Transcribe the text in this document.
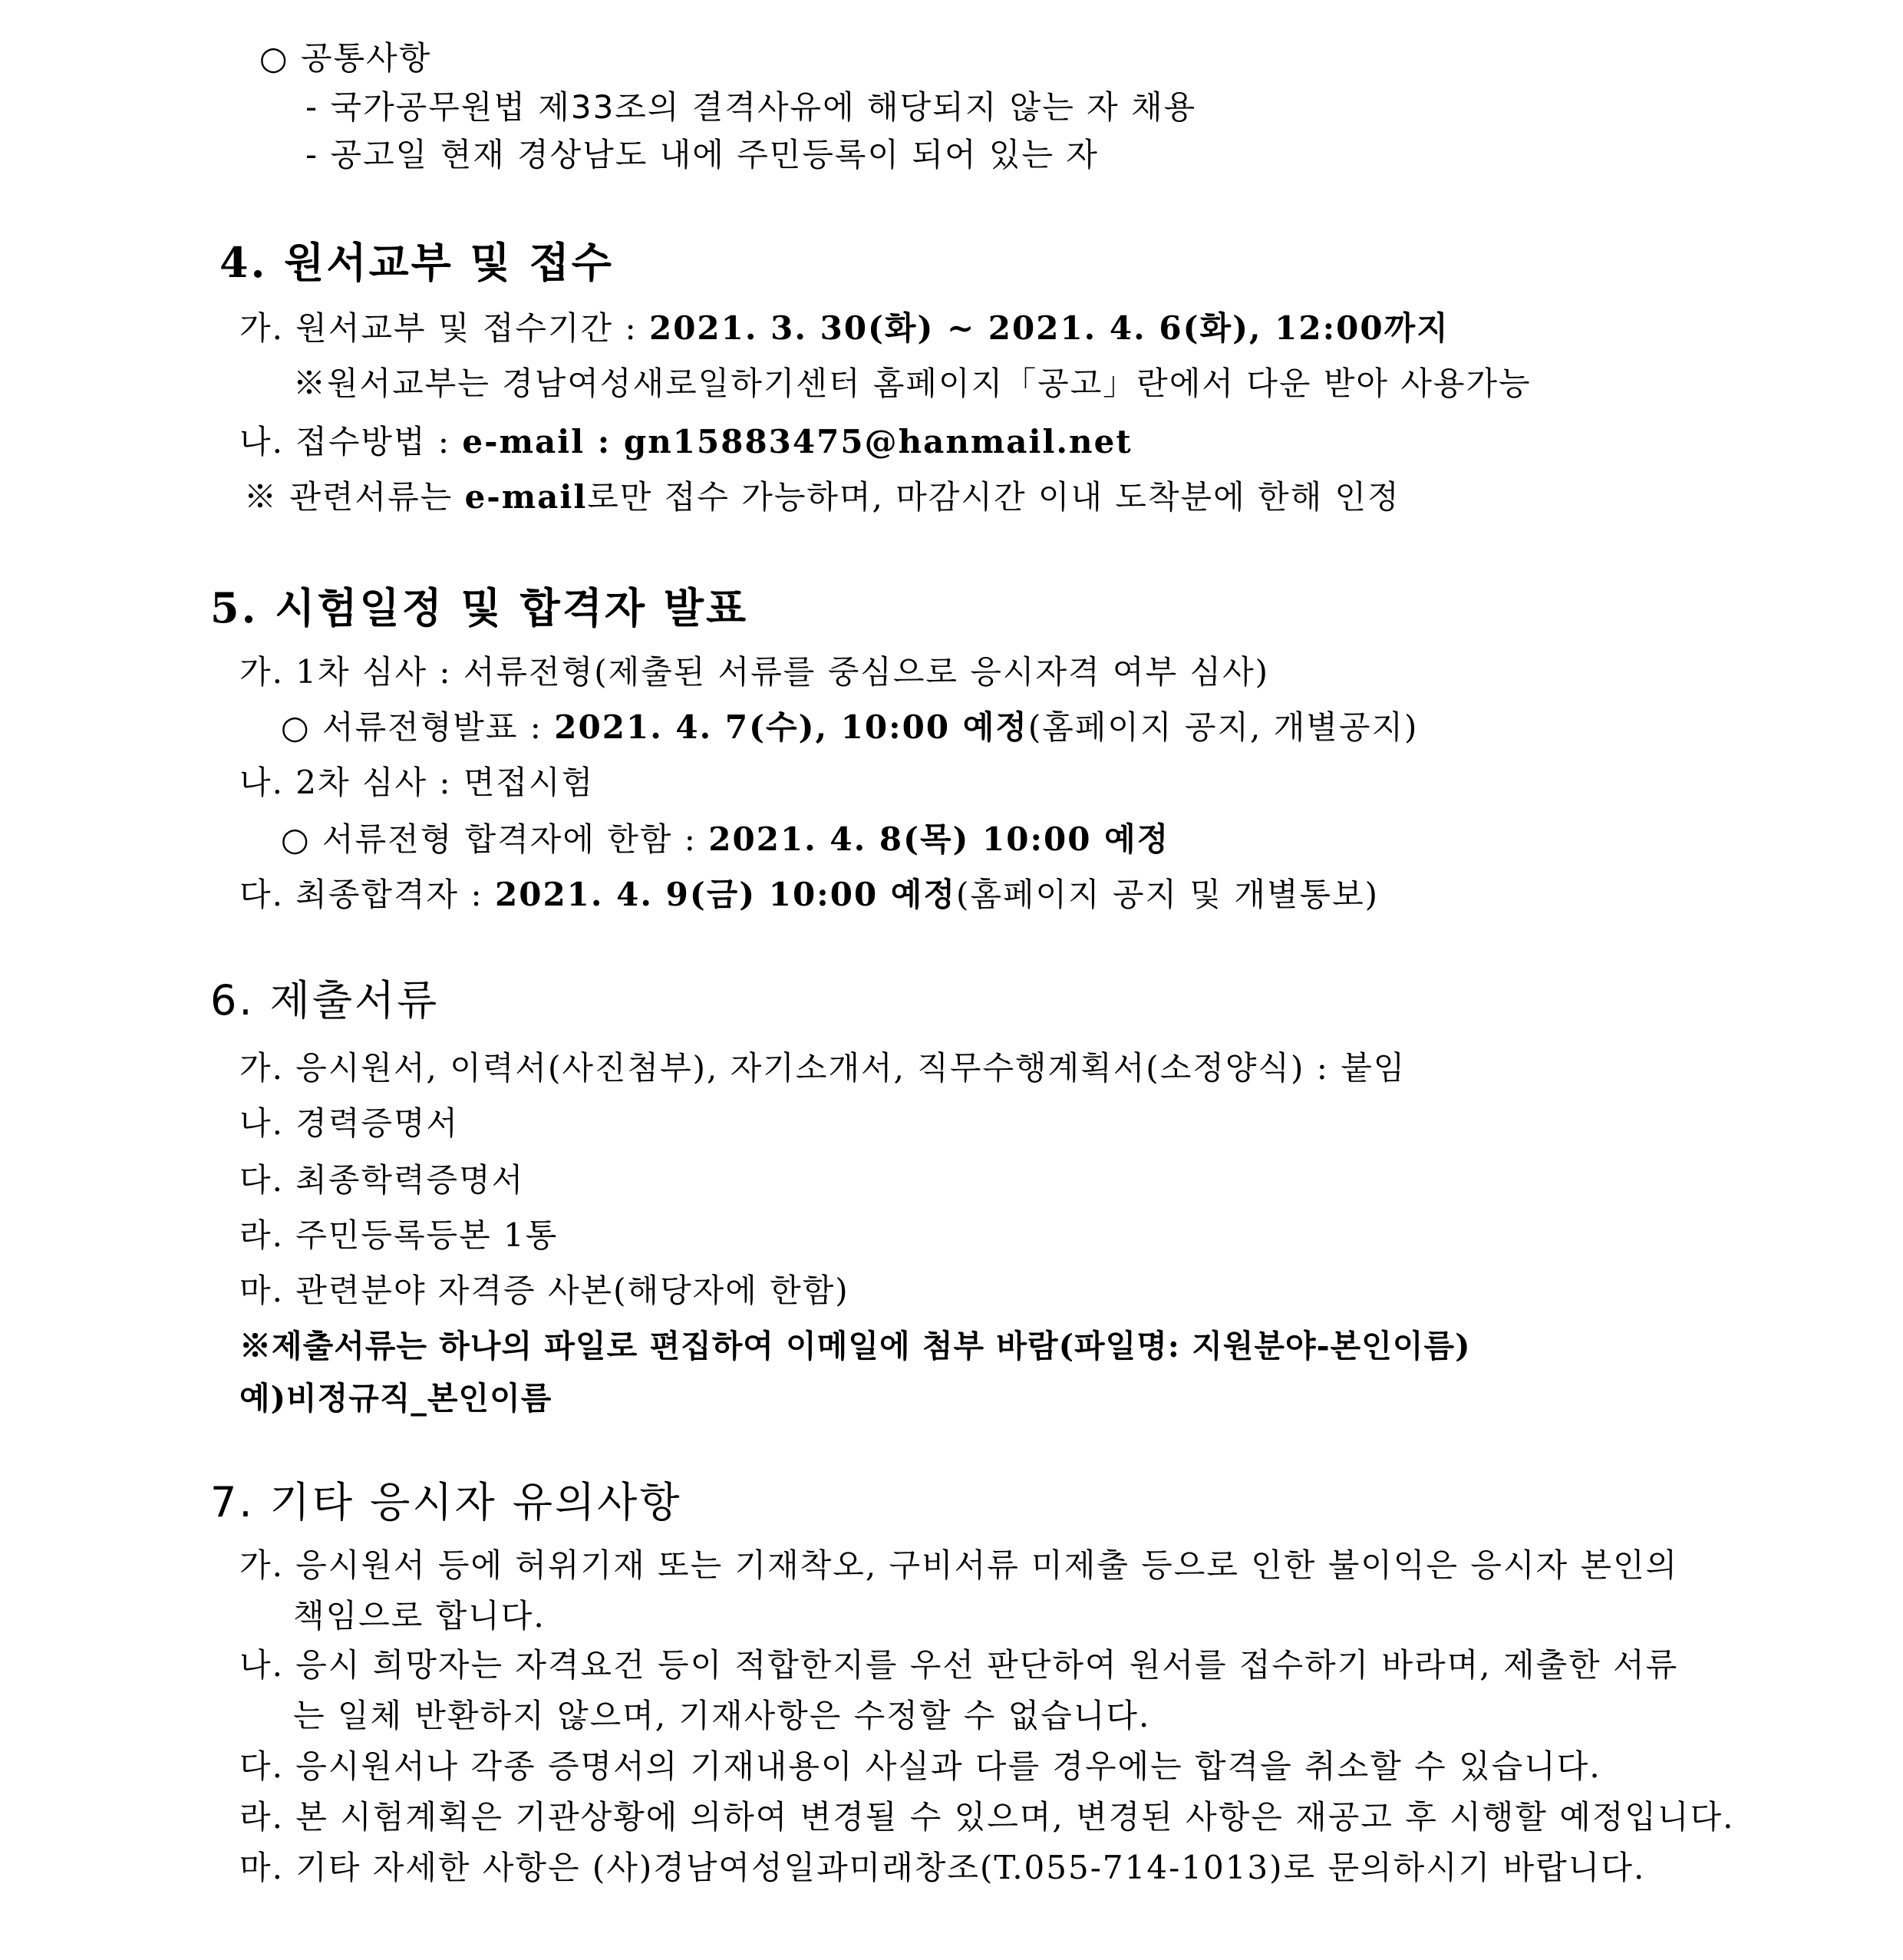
○ 공통사항
- 국가공무원법 제33조의 결격사유에 해당되지 않는 자 채용
- 공고일 현재 경상남도 내에 주민등록이 되어 있는 자
4. 원서교부 및 접수
가. 원서교부 및 접수기간 : 2021. 3. 30(화) ~ 2021. 4. 6(화), 12:00까지
※원서교부는 경남여성새로일하기센터 홈페이지「공고」란에서 다운 받아 사용가능
나. 접수방법 : e-mail : gn15883475@hanmail.net
※ 관련서류는 e-mail로만 접수 가능하며, 마감시간 이내 도착분에 한해 인정
5. 시험일정 및 합격자 발표
가. 1차 심사 : 서류전형(제출된 서류를 중심으로 응시자격 여부 심사)
○ 서류전형발표 : 2021. 4. 7(수), 10:00 예정(홈페이지 공지, 개별공지)
나. 2차 심사 : 면접시험
○ 서류전형 합격자에 한함 : 2021. 4. 8(목) 10:00 예정
다. 최종합격자 : 2021. 4. 9(금) 10:00 예정(홈페이지 공지 및 개별통보)
6. 제출서류
가. 응시원서, 이력서(사진첨부), 자기소개서, 직무수행계획서(소정양식) : 붙임
나. 경력증명서
다. 최종학력증명서
라. 주민등록등본 1통
마. 관련분야 자격증 사본(해당자에 한함)
※제출서류는 하나의 파일로 편집하여 이메일에 첨부 바람(파일명: 지원분야-본인이름)
예)비정규직_본인이름
7. 기타 응시자 유의사항
가. 응시원서 등에 허위기재 또는 기재착오, 구비서류 미제출 등으로 인한 불이익은 응시자 본인의
책임으로 합니다.
나. 응시 희망자는 자격요건 등이 적합한지를 우선 판단하여 원서를 접수하기 바라며, 제출한 서류
는 일체 반환하지 않으며, 기재사항은 수정할 수 없습니다.
다. 응시원서나 각종 증명서의 기재내용이 사실과 다를 경우에는 합격을 취소할 수 있습니다.
라. 본 시험계획은 기관상황에 의하여 변경될 수 있으며, 변경된 사항은 재공고 후 시행할 예정입니다.
마. 기타 자세한 사항은 (사)경남여성일과미래창조(T.055-714-1013)로 문의하시기 바랍니다.
